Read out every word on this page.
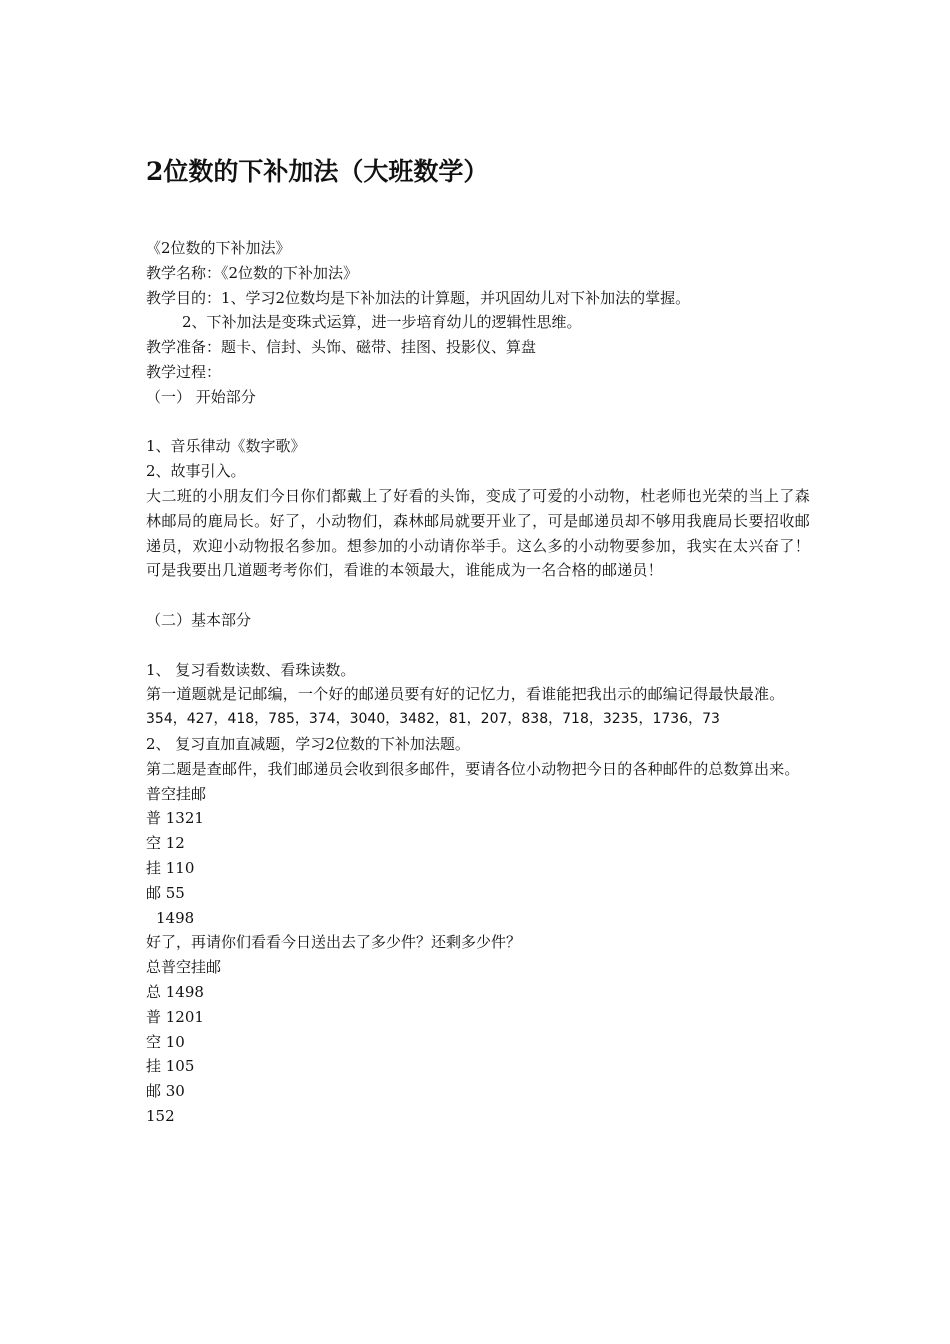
2位数的下补加法（大班数学）
《2位数的下补加法》
教学名称：《2位数的下补加法》
教学目的：1、学习2位数均是下补加法的计算题，并巩固幼儿对下补加法的掌握。
2、下补加法是变珠式运算，进一步培育幼儿的逻辑性思维。
教学准备：题卡、信封、头饰、磁带、挂图、投影仪、算盘
教学过程：
（一） 开始部分
1、音乐律动《数字歌》
2、故事引入。
大二班的小朋友们今日你们都戴上了好看的头饰，变成了可爱的小动物，杜老师也光荣的当上了森林邮局的鹿局长。好了，小动物们，森林邮局就要开业了，可是邮递员却不够用我鹿局长要招收邮递员，欢迎小动物报名参加。想参加的小动请你举手。这么多的小动物要参加，我实在太兴奋了！可是我要出几道题考考你们，看谁的本领最大，谁能成为一名合格的邮递员！
（二）基本部分
1、 复习看数读数、看珠读数。
第一道题就是记邮编，一个好的邮递员要有好的记忆力，看谁能把我出示的邮编记得最快最准。
354，427，418，785，374，3040，3482，81，207，838，718，3235，1736，73
2、 复习直加直减题，学习2位数的下补加法题。
第二题是查邮件，我们邮递员会收到很多邮件，要请各位小动物把今日的各种邮件的总数算出来。
普空挂邮
普 1321
空 12
挂 110
邮 55
1498
好了，再请你们看看今日送出去了多少件？还剩多少件？
总普空挂邮
总 1498
普 1201
空 10
挂 105
邮 30
152
